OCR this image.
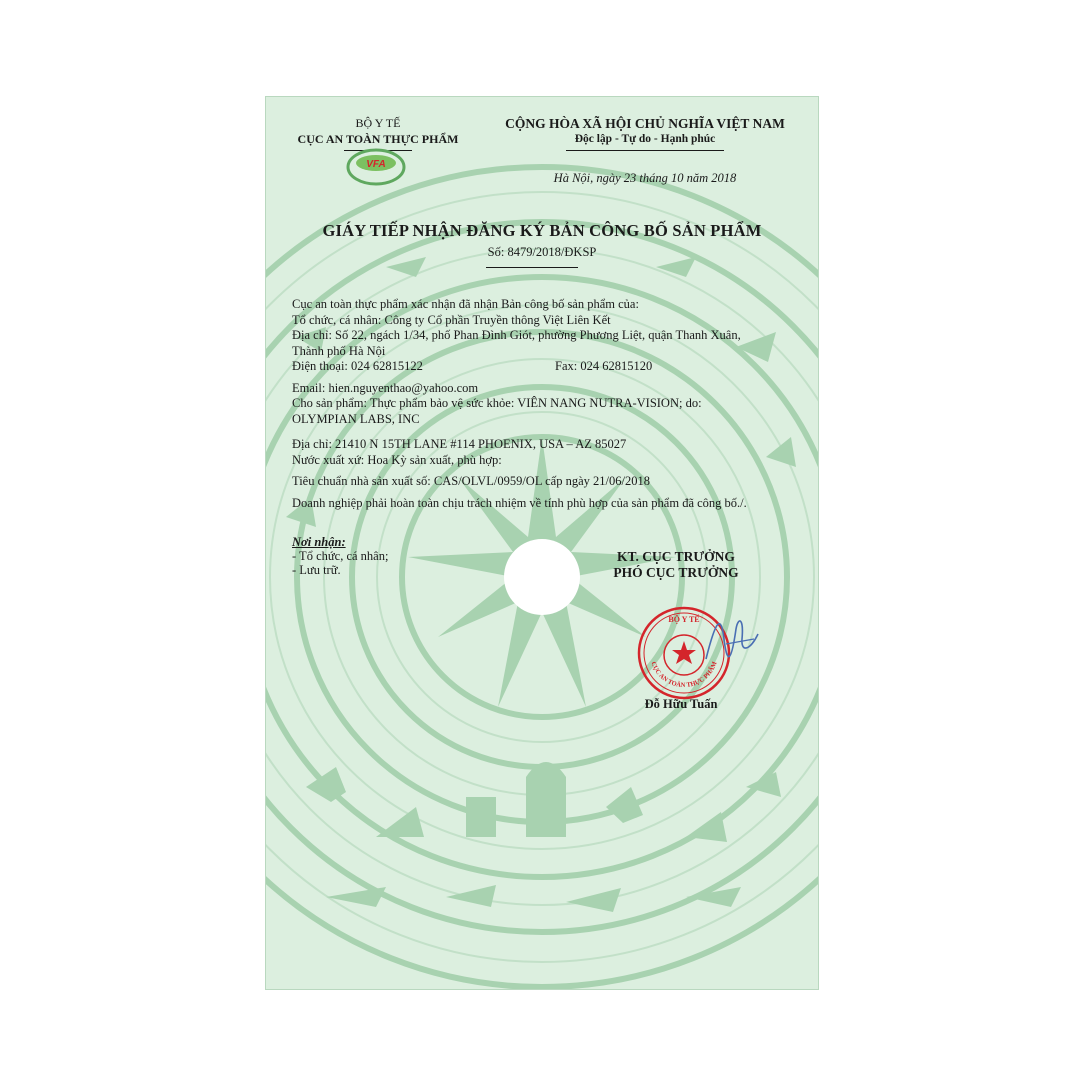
BỘ Y TẾ
CỤC AN TOÀN THỰC PHẨM
VFA
CỘNG HÒA XÃ HỘI CHỦ NGHĨA VIỆT NAM
Độc lập - Tự do - Hạnh phúc
Hà Nội, ngày 23 tháng 10 năm 2018
GIÁY TIẾP NHẬN ĐĂNG KÝ BẢN CÔNG BỐ SẢN PHẨM
Số: 8479/2018/ĐKSP
Cục an toàn thực phẩm xác nhận đã nhận Bản công bố sản phẩm của:
Tổ chức, cá nhân: Công ty Cổ phần Truyền thông Việt Liên Kết
Địa chỉ: Số 22, ngách 1/34, phố Phan Đình Giót, phường Phương Liệt, quận Thanh Xuân,
Thành phố Hà Nội
Điện thoại: 024 62815122	Fax: 024 62815120
Email: hien.nguyenthao@yahoo.com
Cho sản phẩm: Thực phẩm bảo vệ sức khỏe: VIÊN NANG NUTRA-VISION; do:
OLYMPIAN LABS, INC
Địa chỉ: 21410 N 15TH LANE #114 PHOENIX, USA – AZ 85027
Nước xuất xứ: Hoa Kỳ sản xuất, phù hợp:
Tiêu chuẩn nhà sản xuất số: CAS/OLVL/0959/OL cấp ngày 21/06/2018
Doanh nghiệp phải hoàn toàn chịu trách nhiệm về tính phù hợp của sản phẩm đã công bố./.
Nơi nhận:
- Tổ chức, cá nhân;
- Lưu trữ.
KT. CỤC TRƯỞNG
PHÓ CỤC TRƯỞNG
BỘ Y TẾ
CỤC AN TOÀN THỰC PHẨM
Đỗ Hữu Tuấn
